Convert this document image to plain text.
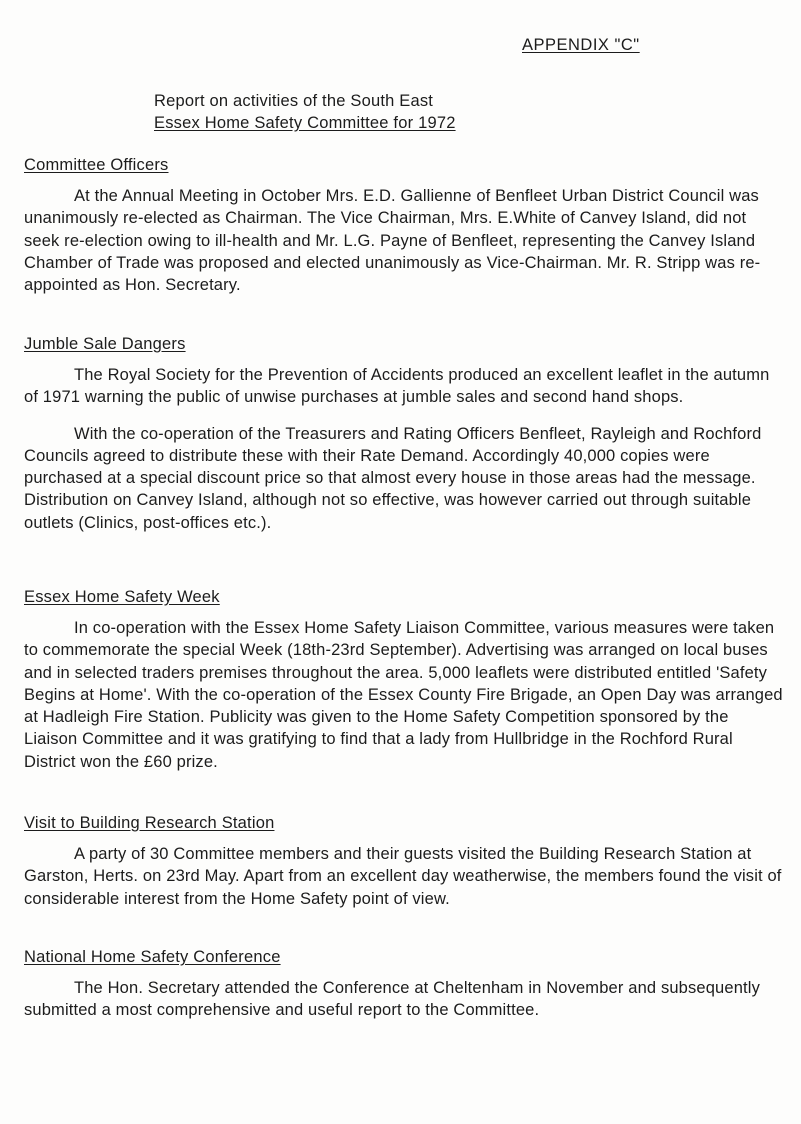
APPENDIX "C"
Report on activities of the South East
Essex Home Safety Committee for 1972
Committee Officers

At the Annual Meeting in October Mrs. E.D. Gallienne of Benfleet Urban District Council was unanimously re-elected as Chairman. The Vice Chairman, Mrs. E.White of Canvey Island, did not seek re-election owing to ill-health and Mr. L.G. Payne of Benfleet, representing the Canvey Island Chamber of Trade was proposed and elected unanimously as Vice-Chairman. Mr. R. Stripp was re-appointed as Hon. Secretary.

Jumble Sale Dangers

The Royal Society for the Prevention of Accidents produced an excellent leaflet in the autumn of 1971 warning the public of unwise purchases at jumble sales and second hand shops.

With the co-operation of the Treasurers and Rating Officers Benfleet, Rayleigh and Rochford Councils agreed to distribute these with their Rate Demand. Accordingly 40,000 copies were purchased at a special discount price so that almost every house in those areas had the message. Distribution on Canvey Island, although not so effective, was however carried out through suitable outlets (Clinics, post-offices etc.).

Essex Home Safety Week

In co-operation with the Essex Home Safety Liaison Committee, various measures were taken to commemorate the special Week (18th-23rd September). Advertising was arranged on local buses and in selected traders premises throughout the area. 5,000 leaflets were distributed entitled 'Safety Begins at Home'. With the co-operation of the Essex County Fire Brigade, an Open Day was arranged at Hadleigh Fire Station. Publicity was given to the Home Safety Competition sponsored by the Liaison Committee and it was gratifying to find that a lady from Hullbridge in the Rochford Rural District won the £60 prize.

Visit to Building Research Station

A party of 30 Committee members and their guests visited the Building Research Station at Garston, Herts. on 23rd May. Apart from an excellent day weatherwise, the members found the visit of considerable interest from the Home Safety point of view.

National Home Safety Conference

The Hon. Secretary attended the Conference at Cheltenham in November and subsequently submitted a most comprehensive and useful report to the Committee.
